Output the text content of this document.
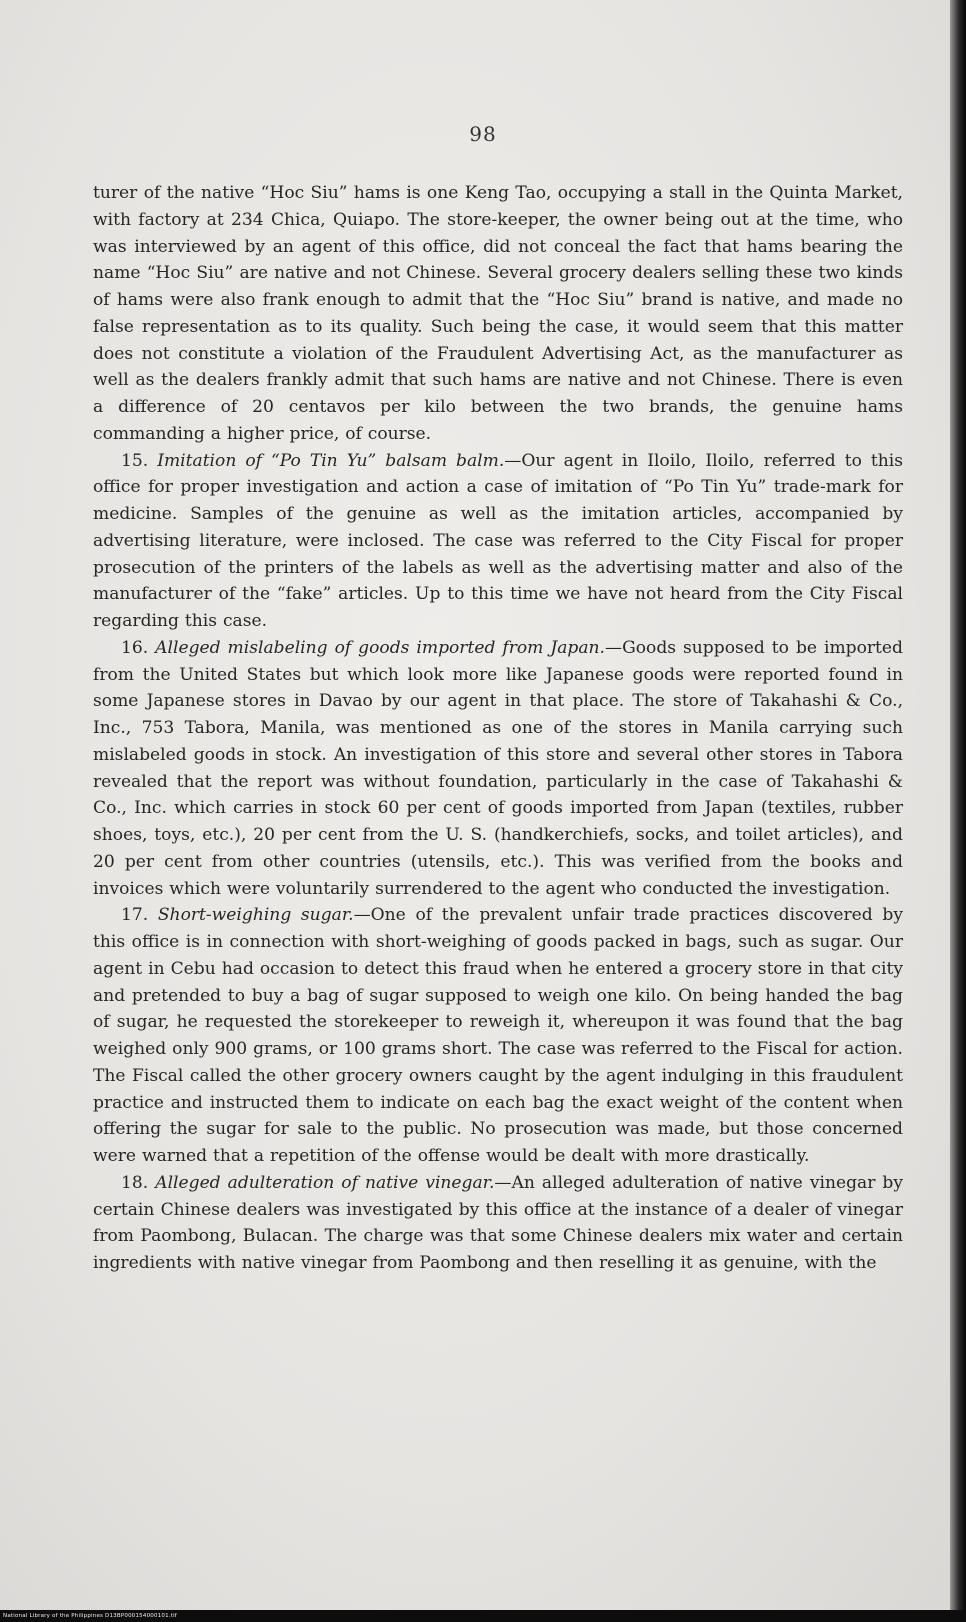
98

turer of the native “Hoc Siu” hams is one Keng Tao, occupying a stall in the Quinta Market, with factory at 234 Chica, Quiapo. The store-keeper, the owner being out at the time, who was interviewed by an agent of this office, did not conceal the fact that hams bearing the name “Hoc Siu” are native and not Chinese. Several grocery dealers selling these two kinds of hams were also frank enough to admit that the “Hoc Siu” brand is native, and made no false representation as to its quality. Such being the case, it would seem that this matter does not constitute a violation of the Fraudulent Advertising Act, as the manufacturer as well as the dealers frankly admit that such hams are native and not Chinese. There is even a difference of 20 centavos per kilo between the two brands, the genuine hams commanding a higher price, of course.

15. Imitation of “Po Tin Yu” balsam balm.—Our agent in Iloilo, Iloilo, referred to this office for proper investigation and action a case of imitation of “Po Tin Yu” trade-mark for medicine. Samples of the genuine as well as the imitation articles, accompanied by advertising literature, were inclosed. The case was referred to the City Fiscal for proper prosecution of the printers of the labels as well as the advertising matter and also of the manufacturer of the “fake” articles. Up to this time we have not heard from the City Fiscal regarding this case.

16. Alleged mislabeling of goods imported from Japan.—Goods supposed to be imported from the United States but which look more like Japanese goods were reported found in some Japanese stores in Davao by our agent in that place. The store of Takahashi & Co., Inc., 753 Tabora, Manila, was mentioned as one of the stores in Manila carrying such mislabeled goods in stock. An investigation of this store and several other stores in Tabora revealed that the report was without foundation, particularly in the case of Takahashi & Co., Inc. which carries in stock 60 per cent of goods imported from Japan (textiles, rubber shoes, toys, etc.), 20 per cent from the U. S. (handkerchiefs, socks, and toilet articles), and 20 per cent from other countries (utensils, etc.). This was verified from the books and invoices which were voluntarily surrendered to the agent who conducted the investigation.

17. Short-weighing sugar.—One of the prevalent unfair trade practices discovered by this office is in connection with short-weighing of goods packed in bags, such as sugar. Our agent in Cebu had occasion to detect this fraud when he entered a grocery store in that city and pretended to buy a bag of sugar supposed to weigh one kilo. On being handed the bag of sugar, he requested the storekeeper to reweigh it, whereupon it was found that the bag weighed only 900 grams, or 100 grams short. The case was referred to the Fiscal for action. The Fiscal called the other grocery owners caught by the agent indulging in this fraudulent practice and instructed them to indicate on each bag the exact weight of the content when offering the sugar for sale to the public. No prosecution was made, but those concerned were warned that a repetition of the offense would be dealt with more drastically.

18. Alleged adulteration of native vinegar.—An alleged adulteration of native vinegar by certain Chinese dealers was investigated by this office at the instance of a dealer of vinegar from Paombong, Bulacan. The charge was that some Chinese dealers mix water and certain ingredients with native vinegar from Paombong and then reselling it as genuine, with the

National Library of the Philippines D13BP000154000101.tif
